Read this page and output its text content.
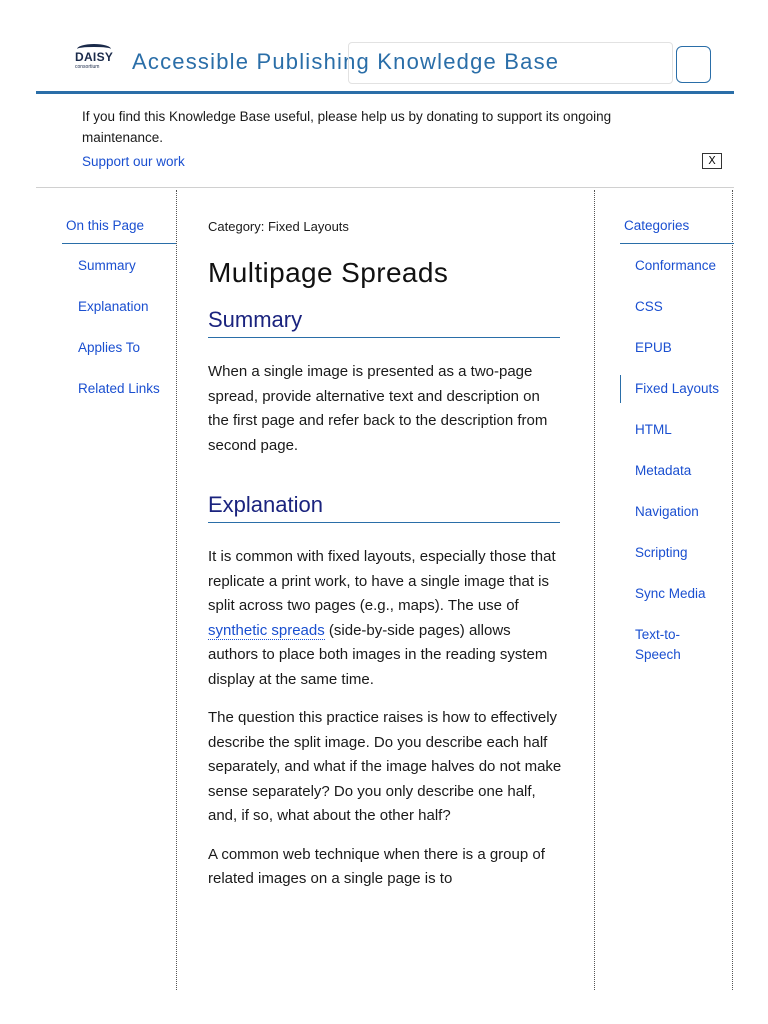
DAISY
consortium Accessible Publishing Knowledge Base
If you find this Knowledge Base useful, please help us by donating to support its ongoing maintenance.
Support our work	X
On this Page
Summary
Explanation
Applies To
Related Links
Category: Fixed Layouts
Multipage Spreads
Summary

When a single image is presented as a two-page spread, provide alternative text and description on the first page and refer back to the description from second page.

Explanation

It is common with fixed layouts, especially those that replicate a print work, to have a single image that is split across two pages (e.g., maps). The use of synthetic spreads (side-by-side pages) allows authors to place both images in the reading system display at the same time.

The question this practice raises is how to effectively describe the split image. Do you describe each half separately, and what if the image halves do not make sense separately? Do you only describe one half, and, if so, what about the other half?

A common web technique when there is a group of related images on a single page is to

Categories
Conformance
CSS
EPUB
Fixed Layouts
HTML
Metadata
Navigation
Scripting
Sync Media
Text-to-Speech
